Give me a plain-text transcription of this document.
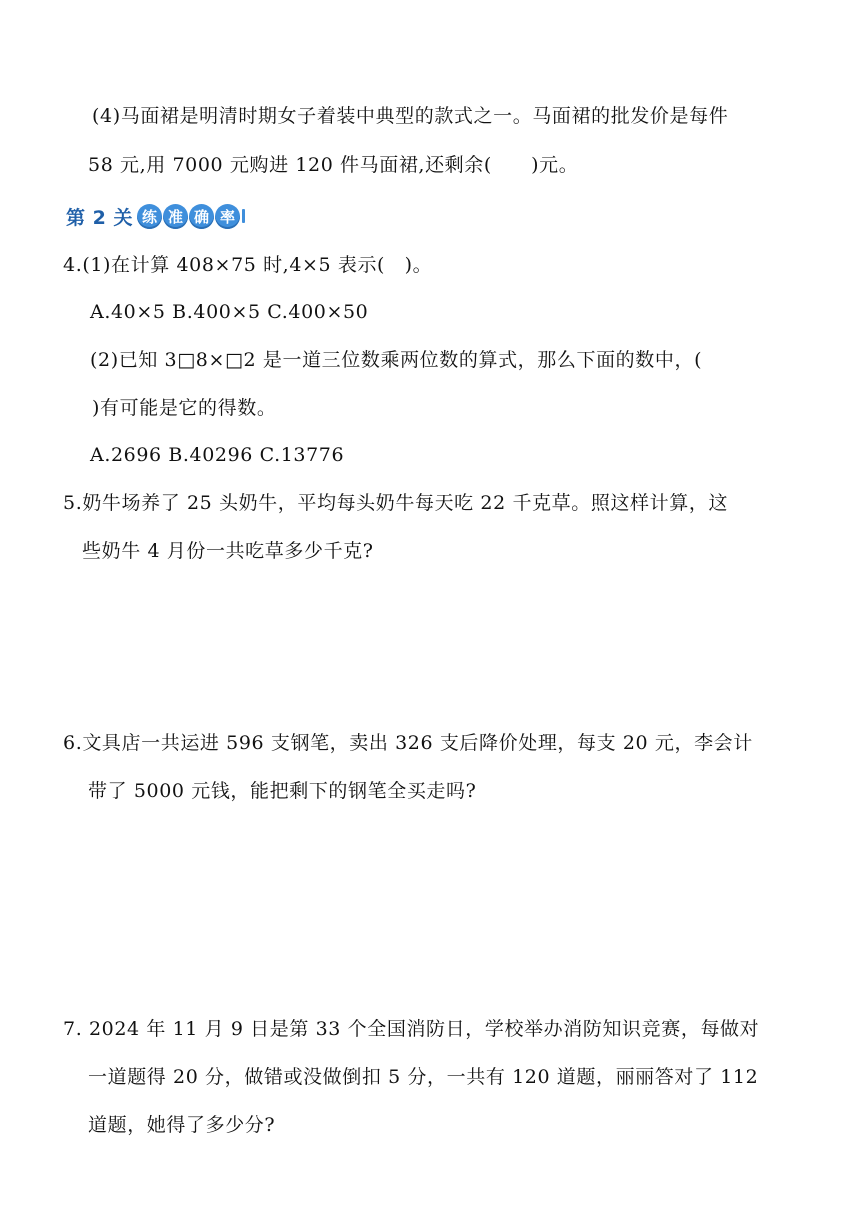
(4)马面裙是明清时期女子着装中典型的款式之一。马面裙的批发价是每件
58 元,用 7000 元购进 120 件马面裙,还剩余(　　)元。
第 2 关 练 准 确 率
4.(1)在计算 408×75 时,4×5 表示(　)。
A.40×5 B.400×5 C.400×50
(2)已知 3□8×□2 是一道三位数乘两位数的算式，那么下面的数中，(
)有可能是它的得数。
A.2696 B.40296 C.13776
5.奶牛场养了 25 头奶牛，平均每头奶牛每天吃 22 千克草。照这样计算，这
些奶牛 4 月份一共吃草多少千克?
6.文具店一共运进 596 支钢笔，卖出 326 支后降价处理，每支 20 元，李会计
带了 5000 元钱，能把剩下的钢笔全买走吗?
7. 2024 年 11 月 9 日是第 33 个全国消防日，学校举办消防知识竞赛，每做对
一道题得 20 分，做错或没做倒扣 5 分，一共有 120 道题，丽丽答对了 112
道题，她得了多少分?
